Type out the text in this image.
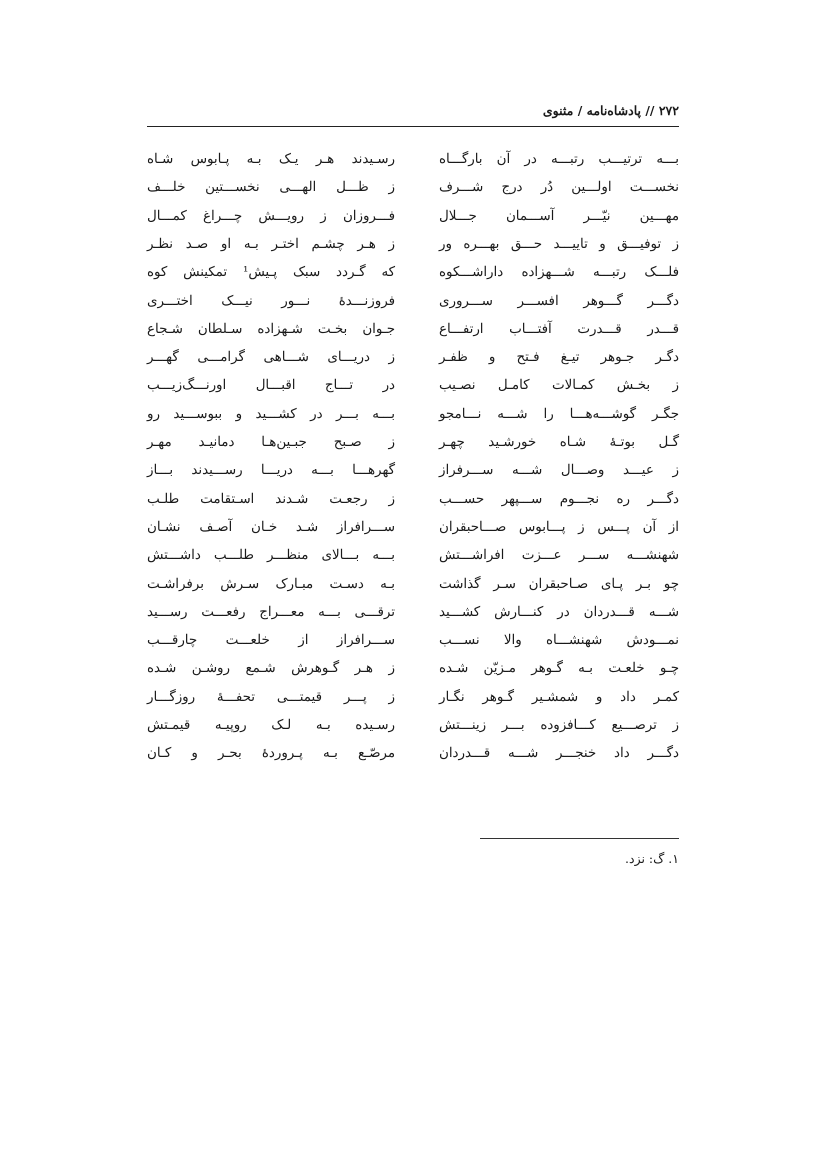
۲۷۲ // پادشاه‌نامه / مثنوی
بـــه ترتیـــب رتبـــه در آن بارگـــاه
رسـیدند هـر یـک بـه پـابوس شـاه
نخســـت اولـــین دُر درج شـــرف
ز ظـــل الهـــی نخســـتین خلـــف
مهـــین نیّـــر آســـمان جـــلال
فـــروزان ز رویـــش چـــراغ کمـــال
ز توفیـــق و تاییـــد حـــق بهـــره ور
ز هـر چشـم اختـر بـه او صـد نظـر
فلـــک رتبـــه شـــهزاده داراشـــکوه
که گـردد سبک پـیش¹ تمکینش کوه
دگـــر گـــوهر افســـر ســـروری
فروزنـــدۀ نـــور نیـــک اختـــری
قـــدر قـــدرت آفتـــاب ارتفـــاع
جـوان بخـت شـهزاده سـلطان شـجاع
دگـر جـوهر تیـغ فـتح و ظفـر
ز دریـــای شـــاهی گرامـــی گهـــر
ز بخـش کمـالات کامـل نصـیب
در تـــاج اقبـــال اورنـــگ‌زیـــب
جگـر گوشـــه‌هـــا را شـــه نـــامجو
بـــه بـــر در کشـــید و ببوســـید رو
گـل بوتـۀ شـاه خورشـید چهـر
ز صـبح جبـین‌هـا دمانیـد مهـر
ز عیـــد وصـــال شـــه ســـرفراز
گهرهـــا بـــه دریـــا رســـیدند بـــاز
دگـــر ره نجـــوم ســـپهر حســـب
ز رجعـت شـدند اسـتقامت طلـب
از آن پـــس ز پـــابوس صـــاحبقران
ســـرافراز شـد خـان آصـف نشـان
شهنشـــه ســـر عـــزت افراشـــتش
بـــه بـــالای منظـــر طلـــب داشـــتش
چو بـر پـای صـاحبقران سـر گذاشت
بـه دسـت مبـارک سـرش برفراشـت
شـــه قـــدردان در کنـــارش کشـــید
ترقـــی بـــه معـــراج رفعـــت رســـید
نمـــودش شهنشـــاه والا نســـب
ســـرافراز از خلعـــت چارقـــب
چـو خلعـت بـه گـوهر مـزیّن شـده
ز هـر گـوهرش شـمع روشـن شـده
کمـر داد و شمشـیر گـوهر نگـار
ز پـــر قیمتـــی تحفـــۀ روزگـــار
ز ترصـــیع کـــافزوده بـــر زینـــتش
رسـیده بـه لـک روپیـه قیمـتش
دگـــر داد خنجـــر شـــه قـــدردان
مرصّـع بـه پـروردۀ بحـر و کـان
۱. گ: نزد.
